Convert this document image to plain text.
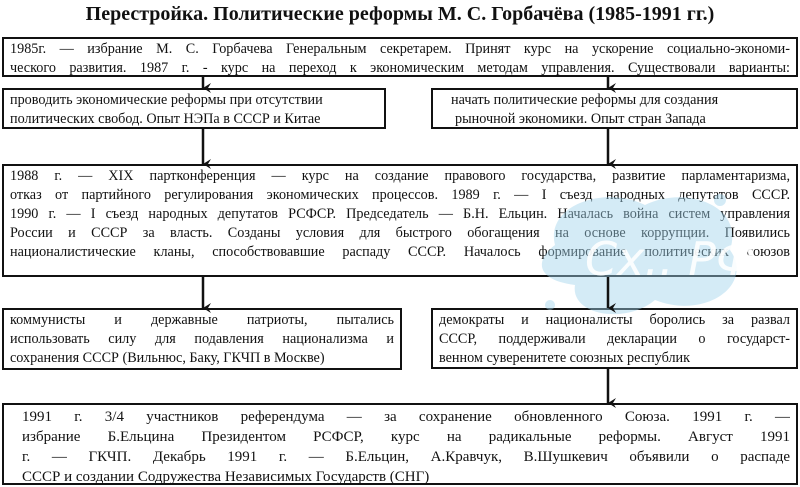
Перестройка. Политические реформы М. С. Горбачёва (1985-1991 гг.)

1985г. — избрание М. С. Горбачева Генеральным секретарем. Принят курс на ускорение социально-экономи-

ческого развития. 1987 г. - курс на переход к экономическим методам управления. Существовали варианты:

проводить экономические реформы при отсутствии

политических свобод. Опыт НЭПа в СССР и Китае

начать политические реформы для создания

рыночной экономики. Опыт стран Запада

1988 г. — XIX партконференция — курс на создание правового государства, развитие парламентаризма,

отказ от партийного регулирования экономических процессов. 1989 г. — I съезд народных депутатов СССР.

1990 г. — I съезд народных депутатов РСФСР. Председатель — Б.Н. Ельцин. Началась война систем управления

России и СССР за власть. Созданы условия для быстрого обогащения на основе коррупции. Появились

националистические кланы, способствовавшие распаду СССР. Началось формирование политических союзов

коммунисты и державные патриоты, пытались

использовать силу для подавления национализма и

сохранения СССР (Вильнюс, Баку, ГКЧП в Москве)

демократы и националисты боролись за развал

СССР, поддерживали декларации о государст-

венном суверенитете союзных республик

1991 г. 3/4 участников референдума — за сохранение обновленного Союза. 1991 г. —

избрание Б.Ельцина Президентом РСФСР, курс на радикальные реформы. Август 1991

г. — ГКЧП. Декабрь 1991 г. — Б.Ельцин, А.Кравчук, В.Шушкевич объявили о распаде

СССР и создании Содружества Независимых Государств (СНГ)

Сх.. РФ
